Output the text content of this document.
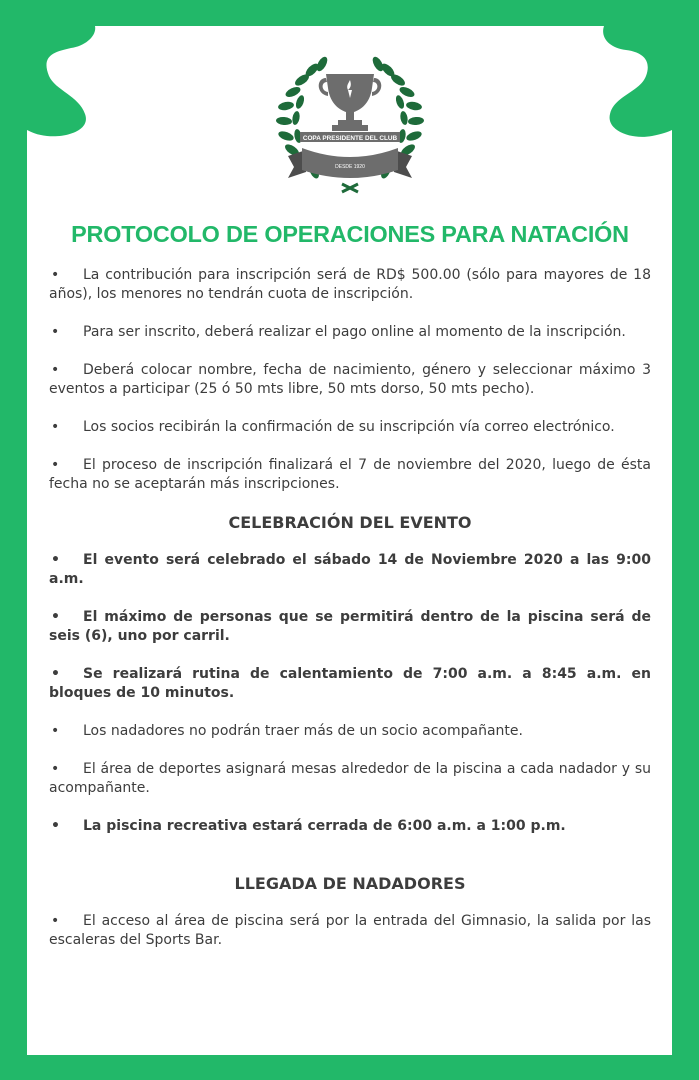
COPA PRESIDENTE DEL CLUB
DESDE 1920
PROTOCOLO DE OPERACIONES PARA NATACIÓN

• La contribución para inscripción será de RD$ 500.00 (sólo para mayores de 18 años), los menores no tendrán cuota de inscripción.

• Para ser inscrito, deberá realizar el pago online al momento de la inscripción.

• Deberá colocar nombre, fecha de nacimiento, género y seleccionar máximo 3 eventos a participar (25 ó 50 mts libre, 50 mts dorso, 50 mts pecho).

• Los socios recibirán la confirmación de su inscripción vía correo electrónico.

• El proceso de inscripción finalizará el 7 de noviembre del 2020, luego de ésta fecha no se aceptarán más inscripciones.

CELEBRACIÓN DEL EVENTO

• El evento será celebrado el sábado 14 de Noviembre 2020 a las 9:00 a.m.

• El máximo de personas que se permitirá dentro de la piscina será de seis (6), uno por carril.

• Se realizará rutina de calentamiento de 7:00 a.m. a 8:45 a.m. en bloques de 10 minutos.

• Los nadadores no podrán traer más de un socio acompañante.

• El área de deportes asignará mesas alrededor de la piscina a cada nadador y su acompañante.

• La piscina recreativa estará cerrada de 6:00 a.m. a 1:00 p.m.

LLEGADA DE NADADORES

• El acceso al área de piscina será por la entrada del Gimnasio, la salida por las escaleras del Sports Bar.
